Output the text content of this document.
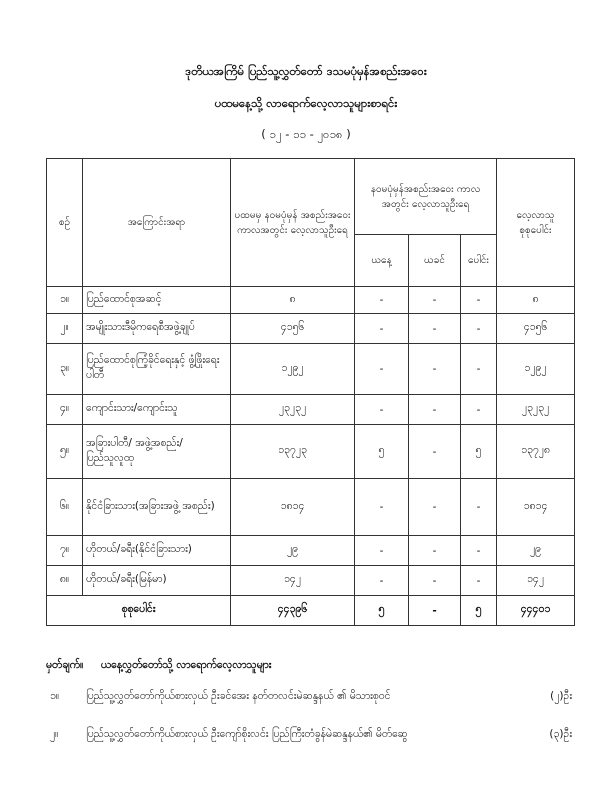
ဒုတိယအကြိမ် ပြည်သူ့လွှတ်တော် ဒသမပုံမှန်အစည်းအဝေး
ပထမနေ့သို့ လာရောက်လေ့လာသူများစာရင်း
( ၁၂ - ၁၁ - ၂၀၁၈ )
စဉ်	အကြောင်းအရာ	ပထမမှ နဝမပုံမှန် အစည်းအဝေးကာလအတွင်း လေ့လာသူဦးရေ	နဝမပုံမှန်အစည်းအဝေး ကာလအတွင်း လေ့လာသူဦးရေ			လေ့လာသူ စုစုပေါင်း
			ယနေ့	ယခင်	ပေါင်း	
၁။	ပြည်ထောင်စုအဆင့်	၈	-	-	-	၈
၂။	အမျိုးသားဒီမိုကရေစီအဖွဲ့ချုပ်	၄၁၅၆	-	-	-	၄၁၅၆
၃။	ပြည်ထောင်စုကြံ့ခိုင်ရေးနှင့် ဖွံ့ဖြိုးရေးပါတီ	၁၂၉၂	-	-	-	၁၂၉၂
၄။	ကျောင်းသား/ကျောင်းသူ	၂၃၂၃၂	-	-	-	၂၃၂၃၂
၅။	အခြားပါတီ/ အဖွဲ့အစည်း/ ပြည်သူလူထု	၁၃၇၂၃	၅	-	၅	၁၃၇၂၈
၆။	နိုင်ငံခြားသား(အခြားအဖွဲ့ အစည်း)	၁၈၁၄	-	-	-	၁၈၁၄
၇။	ဟိုတယ်/ခရီး(နိုင်ငံခြားသား)	၂၉	-	-	-	၂၉
၈။	ဟိုတယ်/ခရီး(မြန်မာ)	၁၄၂	-	-	-	၁၄၂
စုစုပေါင်း		၄၄၃၉၆	၅	-	၅	၄၄၄၀၁
မှတ်ချက်။ ယနေ့လွှတ်တော်သို့ လာရောက်လေ့လာသူများ
၁။	ပြည်သူ့လွှတ်တော်ကိုယ်စားလှယ် ဦးခင်အေး နတ်တလင်းမဲဆန္ဒနယ် ၏ မိသားစုဝင်	(၂)ဦး
၂။	ပြည်သူ့လွှတ်တော်ကိုယ်စားလှယ် ဦးကျော်စိုးလင်း ပြည်ကြီးတံခွန်မဲဆန္ဒနယ်၏ မိတ်ဆွေ	(၃)ဦး
